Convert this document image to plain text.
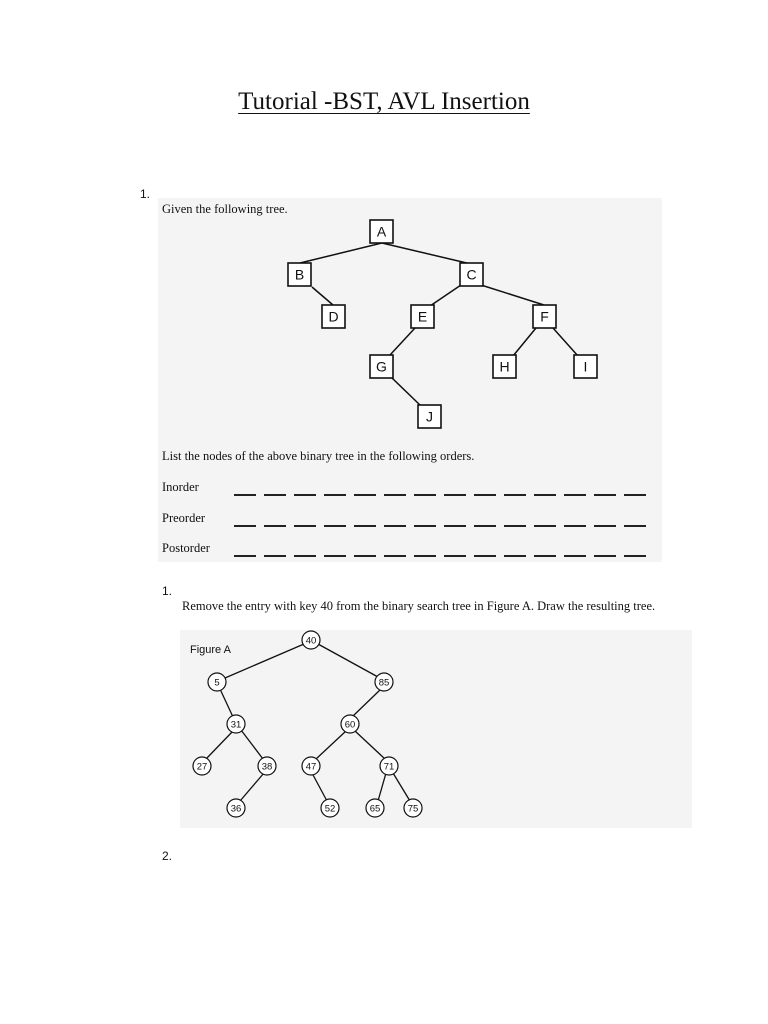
Tutorial -BST, AVL Insertion
1.
Given the following tree.
A
B	C
D	E	F
G	H	I
J
List the nodes of the above binary tree in the following orders.
Inorder
Preorder
Postorder
1.
Remove the entry with key 40 from the binary search tree in Figure A. Draw the resulting tree.
Figure A
40
5	85
31	60
27	38	47	71
36	52	65	75
2.
